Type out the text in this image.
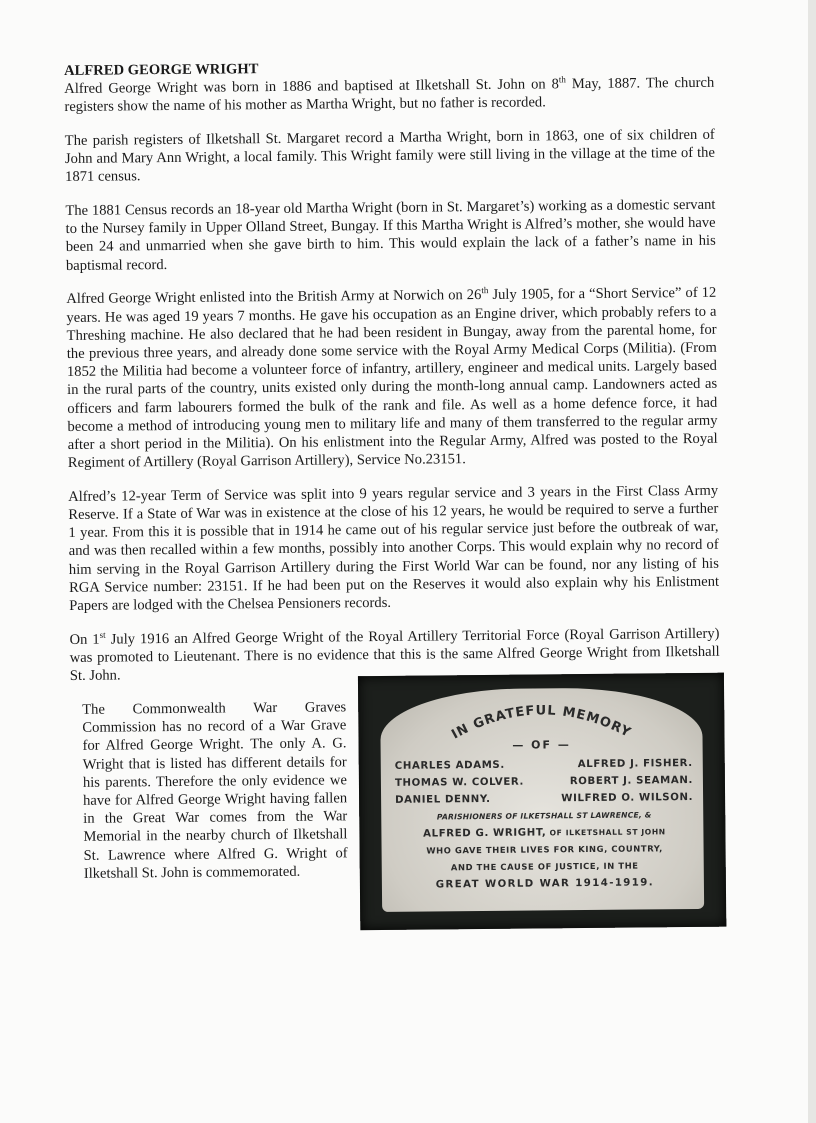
ALFRED GEORGE WRIGHT

Alfred George Wright was born in 1886 and baptised at Ilketshall St. John on 8th May, 1887. The church registers show the name of his mother as Martha Wright, but no father is recorded.

The parish registers of Ilketshall St. Margaret record a Martha Wright, born in 1863, one of six children of John and Mary Ann Wright, a local family. This Wright family were still living in the village at the time of the 1871 census.

The 1881 Census records an 18-year old Martha Wright (born in St. Margaret’s) working as a domestic servant to the Nursey family in Upper Olland Street, Bungay. If this Martha Wright is Alfred’s mother, she would have been 24 and unmarried when she gave birth to him. This would explain the lack of a father’s name in his baptismal record.

Alfred George Wright enlisted into the British Army at Norwich on 26th July 1905, for a “Short Service” of 12 years. He was aged 19 years 7 months. He gave his occupation as an Engine driver, which probably refers to a Threshing machine. He also declared that he had been resident in Bungay, away from the parental home, for the previous three years, and already done some service with the Royal Army Medical Corps (Militia). (From 1852 the Militia had become a volunteer force of infantry, artillery, engineer and medical units. Largely based in the rural parts of the country, units existed only during the month-long annual camp. Landowners acted as officers and farm labourers formed the bulk of the rank and file. As well as a home defence force, it had become a method of introducing young men to military life and many of them transferred to the regular army after a short period in the Militia). On his enlistment into the Regular Army, Alfred was posted to the Royal Regiment of Artillery (Royal Garrison Artillery), Service No.23151.

Alfred’s 12-year Term of Service was split into 9 years regular service and 3 years in the First Class Army Reserve. If a State of War was in existence at the close of his 12 years, he would be required to serve a further 1 year. From this it is possible that in 1914 he came out of his regular service just before the outbreak of war, and was then recalled within a few months, possibly into another Corps. This would explain why no record of him serving in the Royal Garrison Artillery during the First World War can be found, nor any listing of his RGA Service number: 23151. If he had been put on the Reserves it would also explain why his Enlistment Papers are lodged with the Chelsea Pensioners records.

On 1st July 1916 an Alfred George Wright of the Royal Artillery Territorial Force (Royal Garrison Artillery) was promoted to Lieutenant. There is no evidence that this is the same Alfred George Wright from Ilketshall St. John.

The Commonwealth War Graves Commission has no record of a War Grave for Alfred George Wright. The only A. G. Wright that is listed has different details for his parents. Therefore the only evidence we have for Alfred George Wright having fallen in the Great War comes from the War Memorial in the nearby church of Ilketshall St. Lawrence where Alfred G. Wright of Ilketshall St. John is commemorated.

IN GRATEFUL MEMORY
— OF —
CHARLES ADAMS.	ALFRED J. FISHER.
THOMAS W. COLVER.	ROBERT J. SEAMAN.
DANIEL DENNY.	WILFRED O. WILSON.
PARISHIONERS OF ILKETSHALL ST LAWRENCE, &
ALFRED G. WRIGHT, OF ILKETSHALL ST JOHN
WHO GAVE THEIR LIVES FOR KING, COUNTRY,
AND THE CAUSE OF JUSTICE, IN THE
GREAT WORLD WAR 1914-1919.
